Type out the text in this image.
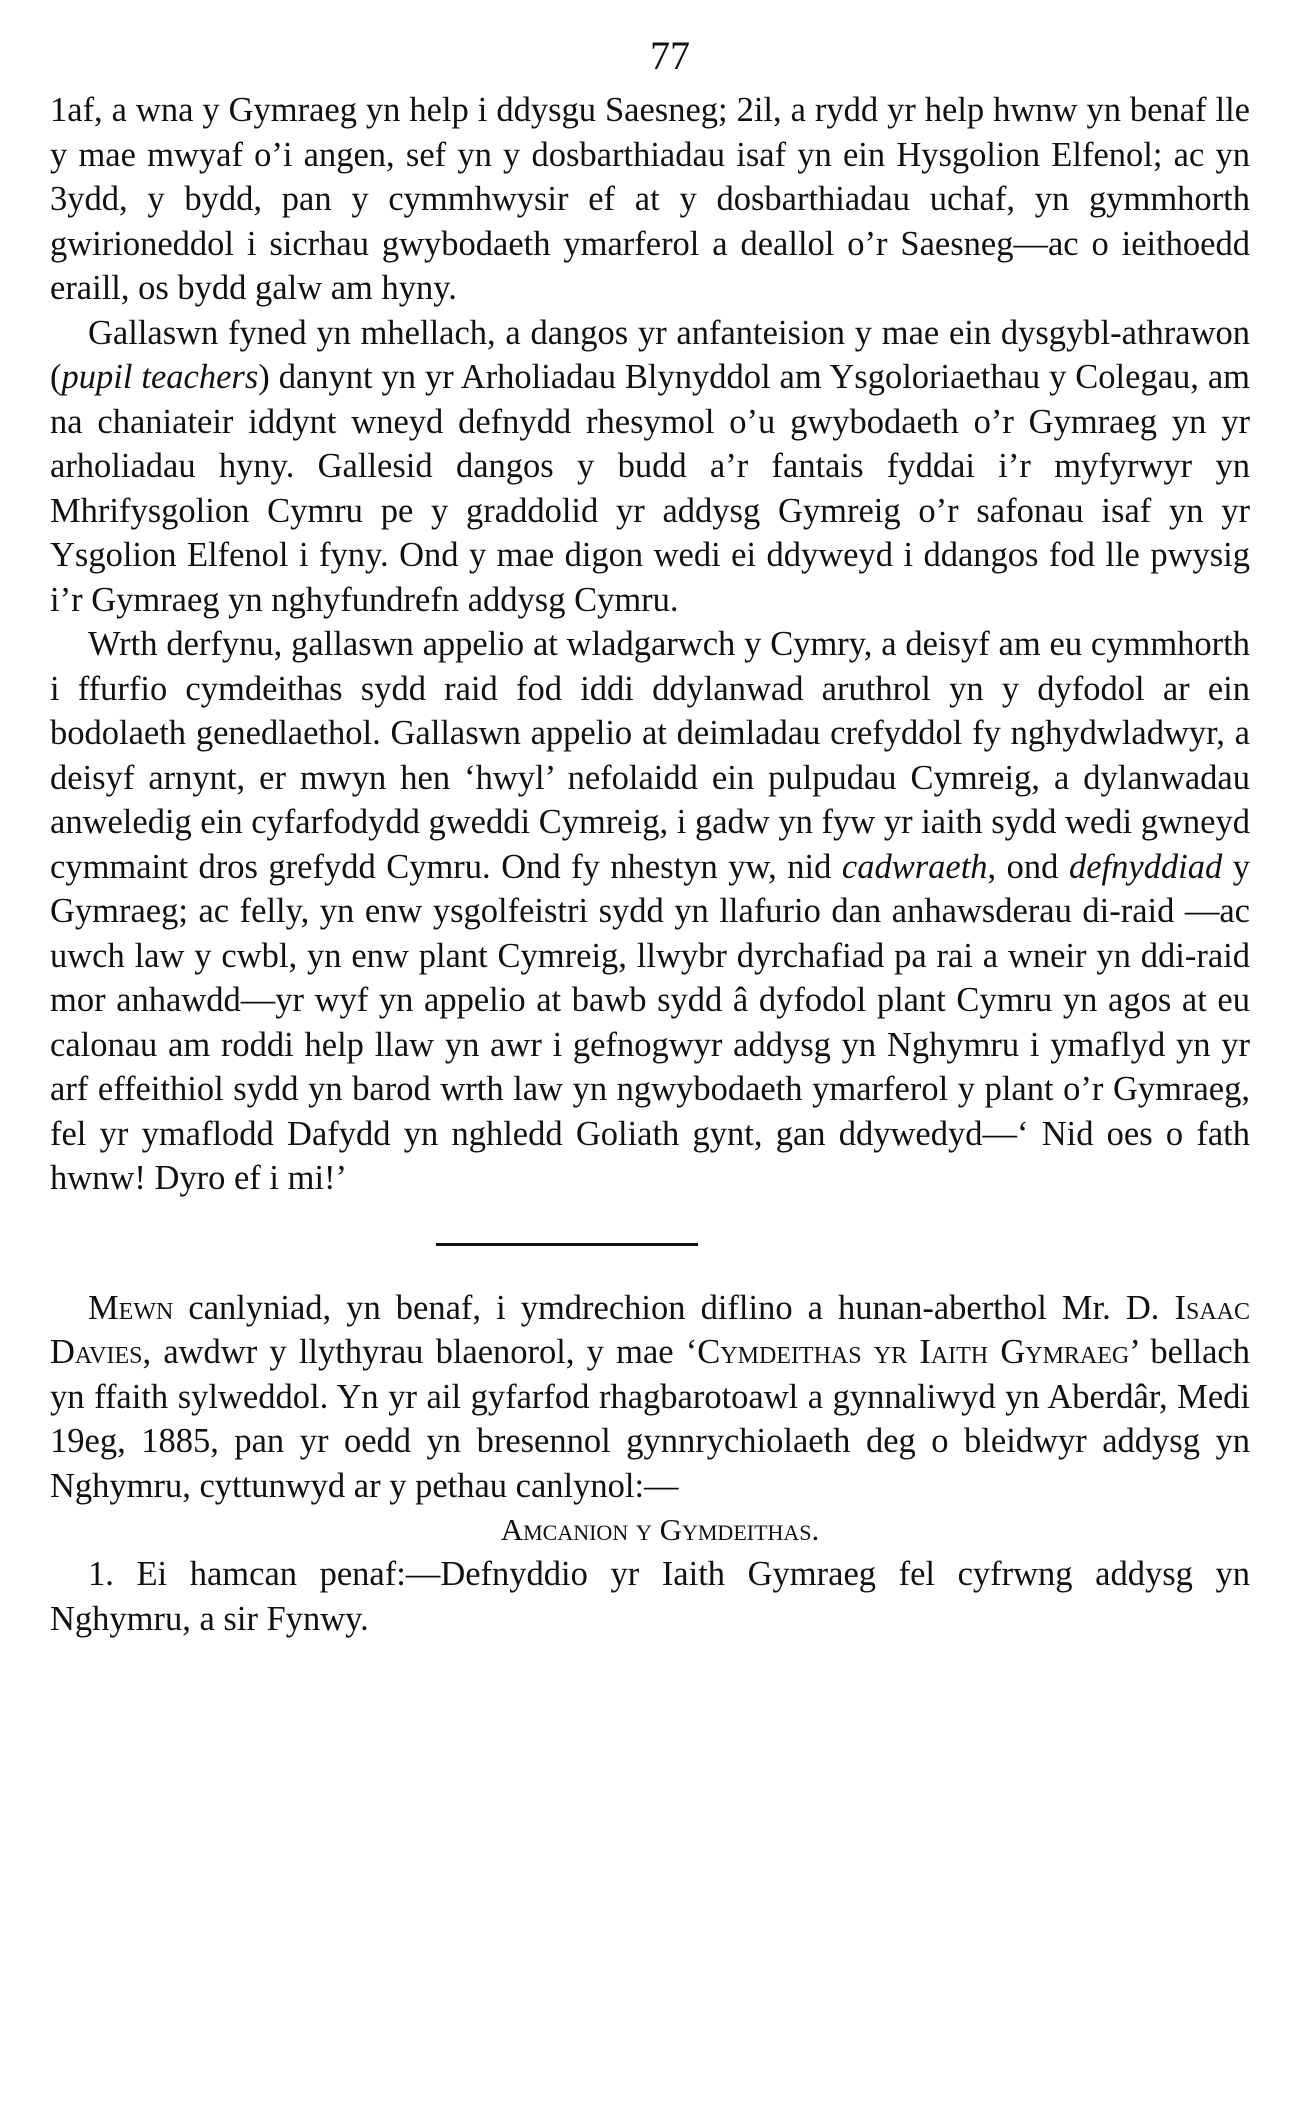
77

1af, a wna y Gymraeg yn help i ddysgu Saesneg; 2il, a rydd yr help hwnw yn benaf lle y mae mwyaf o’i angen, sef yn y dosbarthiadau isaf yn ein Hysgolion Elfenol; ac yn 3ydd, y bydd, pan y cymmhwysir ef at y dosbarthiadau uchaf, yn gymmhorth gwirioneddol i sicrhau gwybodaeth ymarferol a deallol o’r Saesneg—ac o ieithoedd eraill, os bydd galw am hyny.

Gallaswn fyned yn mhellach, a dangos yr anfanteision y mae ein dysgybl-athrawon (pupil teachers) danynt yn yr Arholiadau Blynyddol am Ysgoloriaethau y Colegau, am na chaniateir iddynt wneyd defnydd rhesymol o’u gwybodaeth o’r Gymraeg yn yr arholiadau hyny. Gallesid dangos y budd a’r fantais fyddai i’r myfyrwyr yn Mhrifysgolion Cymru pe y graddolid yr addysg Gymreig o’r safonau isaf yn yr Ysgolion Elfenol i fyny. Ond y mae digon wedi ei ddyweyd i ddangos fod lle pwysig i’r Gymraeg yn nghyfundrefn addysg Cymru.

Wrth derfynu, gallaswn appelio at wladgarwch y Cymry, a deisyf am eu cymmhorth i ffurfio cymdeithas sydd raid fod iddi ddylanwad aruthrol yn y dyfodol ar ein bodolaeth genedlaethol. Gallaswn appelio at deimladau crefyddol fy nghydwladwyr, a deisyf arnynt, er mwyn hen ‘hwyl’ nefolaidd ein pulpudau Cymreig, a dylanwadau anweledig ein cyfarfodydd gweddi Cymreig, i gadw yn fyw yr iaith sydd wedi gwneyd cymmaint dros grefydd Cymru. Ond fy nhestyn yw, nid cadwraeth, ond defnyddiad y Gymraeg; ac felly, yn enw ysgolfeistri sydd yn llafurio dan anhawsderau di-raid —ac uwch law y cwbl, yn enw plant Cymreig, llwybr dyrchafiad pa rai a wneir yn ddi-raid mor anhawdd—yr wyf yn appelio at bawb sydd â dyfodol plant Cymru yn agos at eu calonau am roddi help llaw yn awr i gefnogwyr addysg yn Nghymru i ymaflyd yn yr arf effeithiol sydd yn barod wrth law yn ngwybodaeth ymarferol y plant o’r Gymraeg, fel yr ymaflodd Dafydd yn nghledd Goliath gynt, gan ddywedyd—‘ Nid oes o fath hwnw! Dyro ef i mi!’

Mewn canlyniad, yn benaf, i ymdrechion diflino a hunan-aberthol Mr. D. Isaac Davies, awdwr y llythyrau blaenorol, y mae ‘Cymdeithas yr Iaith Gymraeg’ bellach yn ffaith sylweddol. Yn yr ail gyfarfod rhagbarotoawl a gynnaliwyd yn Aberdâr, Medi 19eg, 1885, pan yr oedd yn bresennol gynnrychiolaeth deg o bleidwyr addysg yn Nghymru, cyttunwyd ar y pethau canlynol:—

Amcanion y Gymdeithas.

1. Ei hamcan penaf:—Defnyddio yr Iaith Gymraeg fel cyfrwng addysg yn Nghymru, a sir Fynwy.
